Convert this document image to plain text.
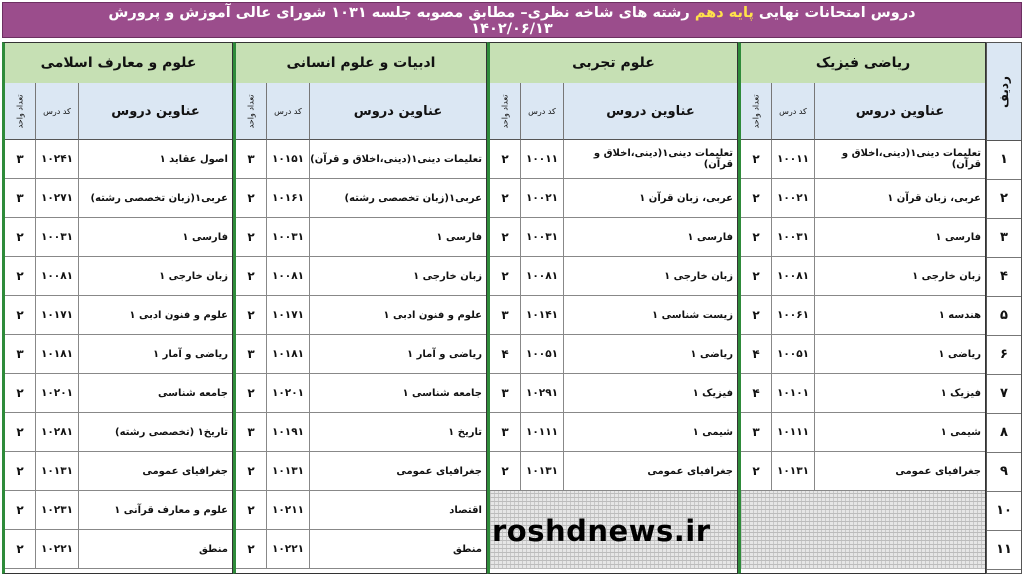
دروس امتحانات نهایی پایه دهم رشته های شاخه نظری– مطابق مصوبه جلسه ۱۰۳۱ شورای عالی آموزش و پرورش
۱۴۰۲/۰۶/۱۳
ردیف
۱
۲
۳
۴
۵
۶
۷
۸
۹
۱۰
۱۱
ریاضی فیزیک
تعداد واحد	کد درس	عناوین دروس
۲	۱۰۰۱۱	تعلیمات دینی۱(دینی،اخلاق و قرآن)
۲	۱۰۰۲۱	عربی، زبان قرآن ۱
۲	۱۰۰۳۱	فارسی ۱
۲	۱۰۰۸۱	زبان خارجی ۱
۲	۱۰۰۶۱	هندسه ۱
۴	۱۰۰۵۱	ریاضی ۱
۴	۱۰۱۰۱	فیزیک ۱
۳	۱۰۱۱۱	شیمی ۱
۲	۱۰۱۳۱	جغرافیای عمومی
علوم تجربی
تعداد واحد	کد درس	عناوین دروس
۲	۱۰۰۱۱	تعلیمات دینی۱(دینی،اخلاق و قرآن)
۲	۱۰۰۲۱	عربی، زبان قرآن ۱
۲	۱۰۰۳۱	فارسی ۱
۲	۱۰۰۸۱	زبان خارجی ۱
۳	۱۰۱۴۱	زیست شناسی ۱
۴	۱۰۰۵۱	ریاضی ۱
۳	۱۰۲۹۱	فیزیک ۱
۳	۱۰۱۱۱	شیمی ۱
۲	۱۰۱۳۱	جغرافیای عمومی
ادبیات و علوم انسانی
تعداد واحد	کد درس	عناوین دروس
۳	۱۰۱۵۱ تعلیمات دینی۱(دینی،اخلاق و قرآن)
۲	۱۰۱۶۱	عربی۱(زبان تخصصی رشته)
۲	۱۰۰۳۱	فارسی ۱
۲	۱۰۰۸۱	زبان خارجی ۱
۲	۱۰۱۷۱	علوم و فنون ادبی ۱
۳	۱۰۱۸۱	ریاضی و آمار ۱
۲	۱۰۲۰۱	جامعه شناسی ۱
۳	۱۰۱۹۱	تاریخ ۱
۲	۱۰۱۳۱	جغرافیای عمومی
۲	۱۰۲۱۱	اقتصاد
۲	۱۰۲۲۱	منطق
علوم و معارف اسلامی
تعداد واحد	کد درس	عناوین دروس
۳	۱۰۲۴۱	اصول عقاید ۱
۳	۱۰۲۷۱	عربی۱(زبان تخصصی رشته)
۲	۱۰۰۳۱	فارسی ۱
۲	۱۰۰۸۱	زبان خارجی ۱
۲	۱۰۱۷۱	علوم و فنون ادبی ۱
۳	۱۰۱۸۱	ریاضی و آمار ۱
۲	۱۰۲۰۱	جامعه شناسی
۲	۱۰۲۸۱	تاریخ۱ (تخصصی رشته)
۲	۱۰۱۳۱	جغرافیای عمومی
۲	۱۰۲۳۱	علوم و معارف قرآنی ۱
۲	۱۰۲۲۱	منطق
roshdnews.ir
